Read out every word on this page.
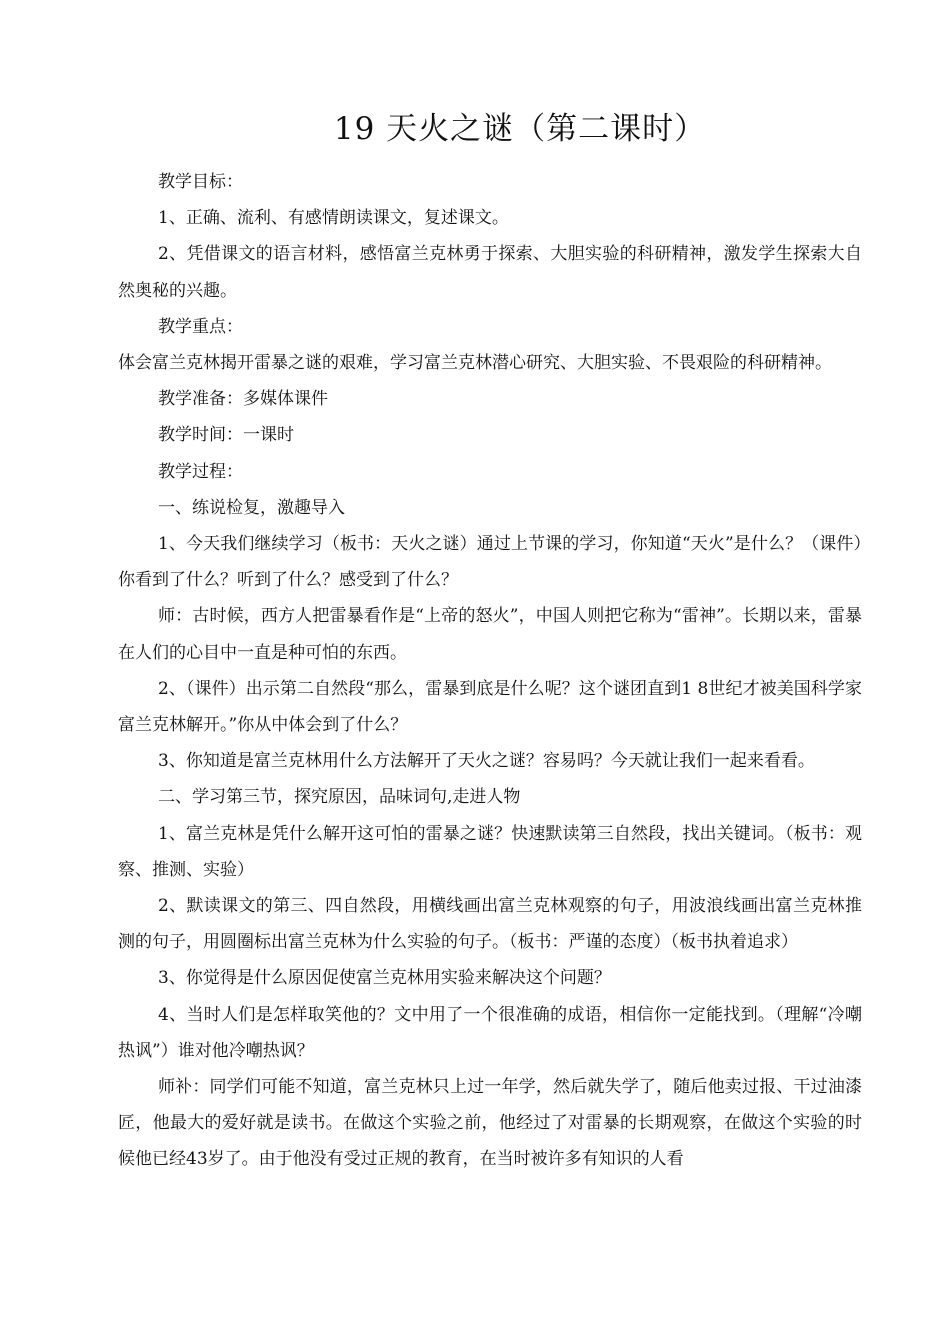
19 天火之谜（第二课时）

教学目标：

1、正确、流利、有感情朗读课文，复述课文。

2、凭借课文的语言材料，感悟富兰克林勇于探索、大胆实验的科研精神，激发学生探索大自然奥秘的兴趣。

教学重点：

体会富兰克林揭开雷暴之谜的艰难，学习富兰克林潜心研究、大胆实验、不畏艰险的科研精神。

教学准备：多媒体课件

教学时间：一课时

教学过程：

一、练说检复，激趣导入

1、今天我们继续学习（板书：天火之谜）通过上节课的学习，你知道“天火”是什么？（课件）你看到了什么？听到了什么？感受到了什么？

师：古时候，西方人把雷暴看作是“上帝的怒火”，中国人则把它称为“雷神”。长期以来，雷暴在人们的心目中一直是种可怕的东西。

2、（课件）出示第二自然段“那么，雷暴到底是什么呢？这个谜团直到1 8世纪才被美国科学家富兰克林解开。”你从中体会到了什么？

3、你知道是富兰克林用什么方法解开了天火之谜？容易吗？今天就让我们一起来看看。

二、学习第三节，探究原因，品味词句,走进人物

1、富兰克林是凭什么解开这可怕的雷暴之谜？快速默读第三自然段，找出关键词。（板书：观察、推测、实验）

2、默读课文的第三、四自然段，用横线画出富兰克林观察的句子，用波浪线画出富兰克林推测的句子，用圆圈标出富兰克林为什么实验的句子。（板书：严谨的态度）（板书执着追求）

3、你觉得是什么原因促使富兰克林用实验来解决这个问题？

4、当时人们是怎样取笑他的？文中用了一个很准确的成语，相信你一定能找到。（理解“冷嘲热讽”）谁对他冷嘲热讽？

师补：同学们可能不知道，富兰克林只上过一年学，然后就失学了，随后他卖过报、干过油漆匠，他最大的爱好就是读书。在做这个实验之前，他经过了对雷暴的长期观察，在做这个实验的时候他已经43岁了。由于他没有受过正规的教育，在当时被许多有知识的人看
